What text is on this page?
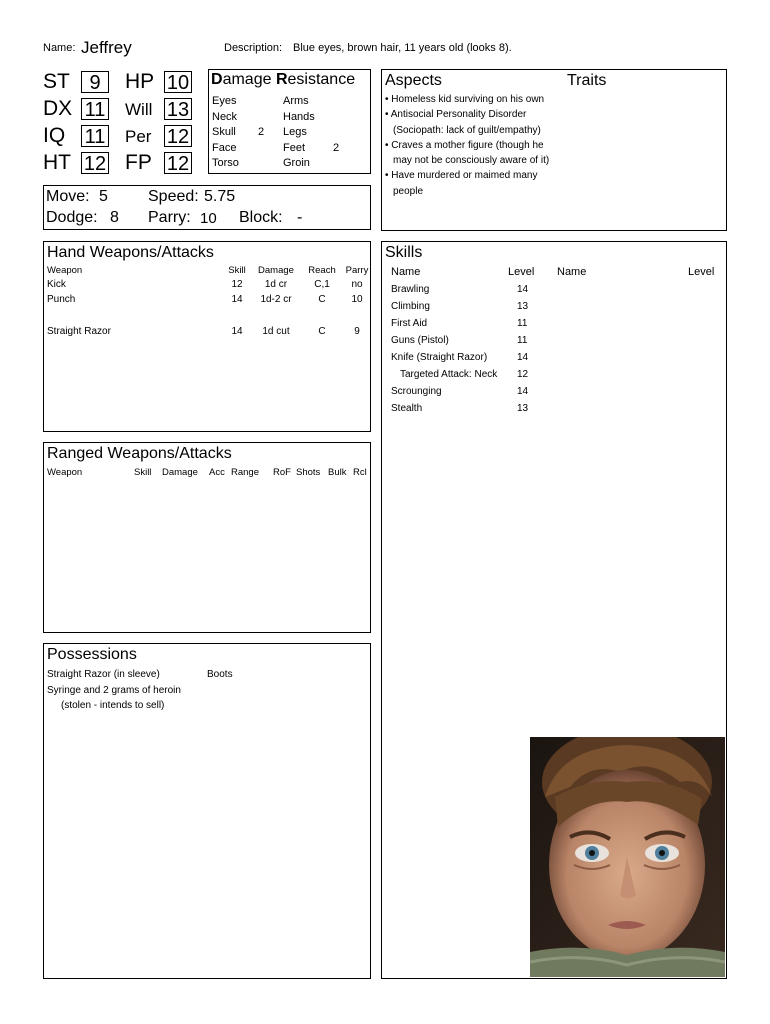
Name: Jeffrey	Description: Blue eyes, brown hair, 11 years old (looks 8).
ST 9
DX 11
IQ 11
HT 12
HP 10
Will 13
Per 12
FP 12
Damage Resistance
Eyes
Neck
Skull 2
Face
Torso
Arms
Hands
Legs
Feet	2
Groin
Move: 5	Speed: 5.75
Dodge: 8 Parry: 10 Block: -
Aspects	Traits
• Homeless kid surviving on his own
• Antisocial Personality Disorder
(Sociopath: lack of guilt/empathy)
• Craves a mother figure (though he
may not be consciously aware of it)
• Have murdered or maimed many
people
Hand Weapons/Attacks
Weapon	Skill	Damage	Reach	Parry
Kick	12	1d cr	C,1	no
Punch	14	1d-2 cr	C	10
Straight Razor	14	1d cut	C	9
Ranged Weapons/Attacks
Weapon	Skill Damage Acc Range RoF Shots Bulk Rcl
Possessions
Straight Razor (in sleeve)
Syringe and 2 grams of heroin
(stolen - intends to sell)
Boots
Skills
Name	Level Name	Level
Brawling	14
Climbing	13
First Aid	11
Guns (Pistol)	11
Knife (Straight Razor)	14
Targeted Attack: Neck 12
Scrounging	14
Stealth	13
